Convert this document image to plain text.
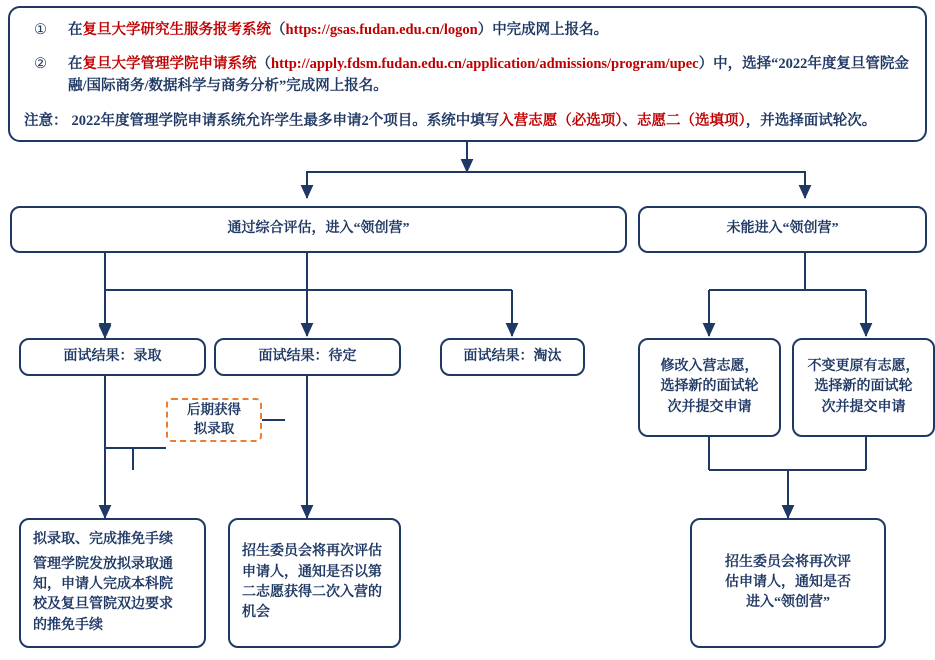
①	在复旦大学研究生服务报考系统（https://gsas.fudan.edu.cn/logon）中完成网上报名。
②	在复旦大学管理学院申请系统（http://apply.fdsm.fudan.edu.cn/application/admissions/program/upec）中，选择“2022年度复旦管院金融/国际商务/数据科学与商务分析”完成网上报名。
注意： 2022年度管理学院申请系统允许学生最多申请2个项目。系统中填写入营志愿（必选项）、志愿二（选填项），并选择面试轮次。

通过综合评估，进入“领创营”	未能进入“领创营”

面试结果：录取	面试结果：待定	面试结果：淘汰

修改入营志愿，

选择新的面试轮

次并提交申请

不变更原有志愿，

选择新的面试轮

次并提交申请

后期获得
拟录取

拟录取、完成推免手续

管理学院发放拟录取通

知，申请人完成本科院

校及复旦管院双边要求

的推免手续

招生委员会将再次评估

申请人，通知是否以第

二志愿获得二次入营的

机会

招生委员会将再次评

估申请人，通知是否

进入“领创营”
